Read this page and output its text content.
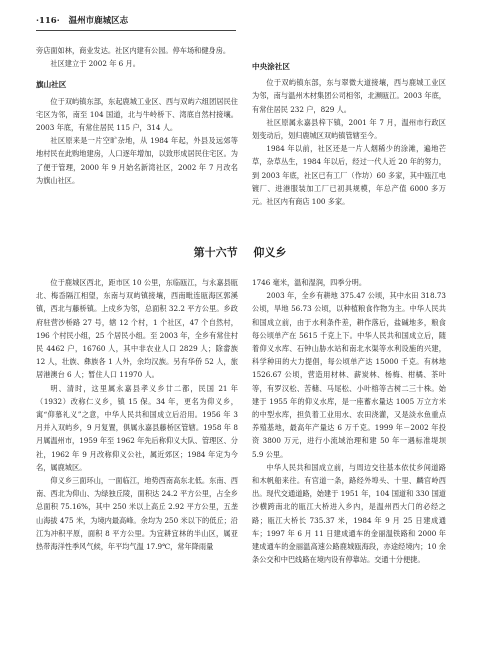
·116· 温州市鹿城区志

旁店面如林，商业发达。社区内建有公园。停车场和健身房。

社区建立于 2002 年 6 月。

旗山社区

位于双屿镇东部，东起鹿城工业区、西与双屿六组团居民住宅区为邻，南至 104 国道，北与牛岭桥下、湾底自然村接壤。2003 年底，有常住居民 115 户，314 人。

社区原来是一片空旷杂地，从 1984 年起，外县及远郊等地村民在此购地建房，人口逐年增加，以致形成居民住宅区。为了便于管理，2000 年 9 月始名新湾社区，2002 年 7 月改名为旗山社区。

中央涂社区

位于双屿镇东部，东与翠微大道接壤，西与鹿城工业区为邻，南与温州木材集团公司相邻，北濒瓯江。2003 年底，有常住居民 232 户，829 人。

社区原属永嘉县梓下镇，2001 年 7 月，温州市行政区划变动后，划归鹿城区双屿镇管辖至今。

1984 年以前，社区还是一片人烟稀少的涂滩，遍地芒草，杂草丛生，1984 年以后，经过一代人近 20 年的努力，到 2003 年底，社区已有工厂（作坊）60 多家，其中瓯江电镀厂、进港服装加工厂已初具规模，年总产值 6000 多万元。社区内有商店 100 多家。

第十六节 仰义乡

位于鹿城区西北，距市区 10 公里，东临瓯江，与永嘉县瓯北、梅岙隔江相望，东南与双屿镇接壤，西南毗连瓯海区郭溪镇，西北与藤桥镇。上戍乡为邻，总面积 32.2 平方公里。乡政府驻营沙桥路 27 号，辖 12 个村，1 个社区，47 个自然村，196 个村民小组，25 个居民小组。至 2003 年，全乡有常住村民 4462 户，16760 人，其中非农业人口 2829 人；除畲族 12 人，壮族、彝族各 1 人外，余均汉族。另有华侨 52 人，旅居港澳台 6 人；暂住人口 11970 人。

明、清时，这里属永嘉县孝义乡廿二都，民国 21 年（1932）改称仁义乡，镇 15 保。34 年，更名为仰义乡，寓“仰慕礼义”之意，中华人民共和国成立后沿用。1956 年 3 月并入双屿乡，9 月复置，俱属永嘉县藤桥区管辖。1958 年 8 月属温州市，1959 年至 1962 年先后称仰义大队、管理区、分社，1962 年 9 月改称仰义公社，属近郊区；1984 年定为今名，属鹿城区。

仰义乡三面环山，一面临江，地势西南高东北低。东南、西南、西北为仰山、为绿独丘陵，面积达 24.2 平方公里，占全乡总面积 75.16%，其中 250 米以上高丘 2.92 平方公里，五垄山海拔 475 米，为境内最高峰。余均为 250 米以下的低丘；沿江为冲积平原，面积 8 平方公里。为宜耕宜林的半山区，属亚热带海洋性季风气候，年平均气温 17.9℃，常年降雨量

1746 毫米，温和湿润，四季分明。

2003 年，全乡有耕地 375.47 公顷，其中水田 318.73 公顷，旱地 56.73 公顷，以种植粮食作物为主。中华人民共和国成立前，由于水利条件差，耕作落后，盐碱地多，粮食每公顷单产在 5615 千克上下。中华人民共和国成立后，随着仰义水库、石钟山胁水站和南北水渠等水利设施的兴建，科学种田的大力提倡，每公顷单产达 15000 千克。有林地 1526.67 公顷，营造用材林、薪炭林、杨梅、柑橘、茶叶等，有罗汉松、苦槠、马尾松、小叶榕等古树二三十株。始建于 1955 年的仰义水库，是一座蓄水量达 1005 万立方米的中型水库，担负着工业用水、农田浇灌，又是淡水鱼重点养殖基地，最高年产量达 6 万千克。1999 年－2002 年投资 3800 万元，进行小流域治理和建 50 年一遇标准堤坝 5.9 公里。

中华人民共和国成立前，与周边交往基本依仗乡间道路和木帆船来往。有官道一条，路经外埠头、十里、麟官岭西出。现代交通道路，始建于 1951 年，104 国道和 330 国道沙横跨南北的瓯江大桥进入乡内，是温州西大门的必经之路；瓯江大桥长 735.37 米，1984 年 9 月 25 日建成通车；1997 年 6 月 11 日建成通车的金丽温铁路和 2000 年建成通车的金丽温高速公路鹿城瓯海段，亦途经境内；10 余条公交和中巴线路在境内设有停靠站。交通十分便捷。
